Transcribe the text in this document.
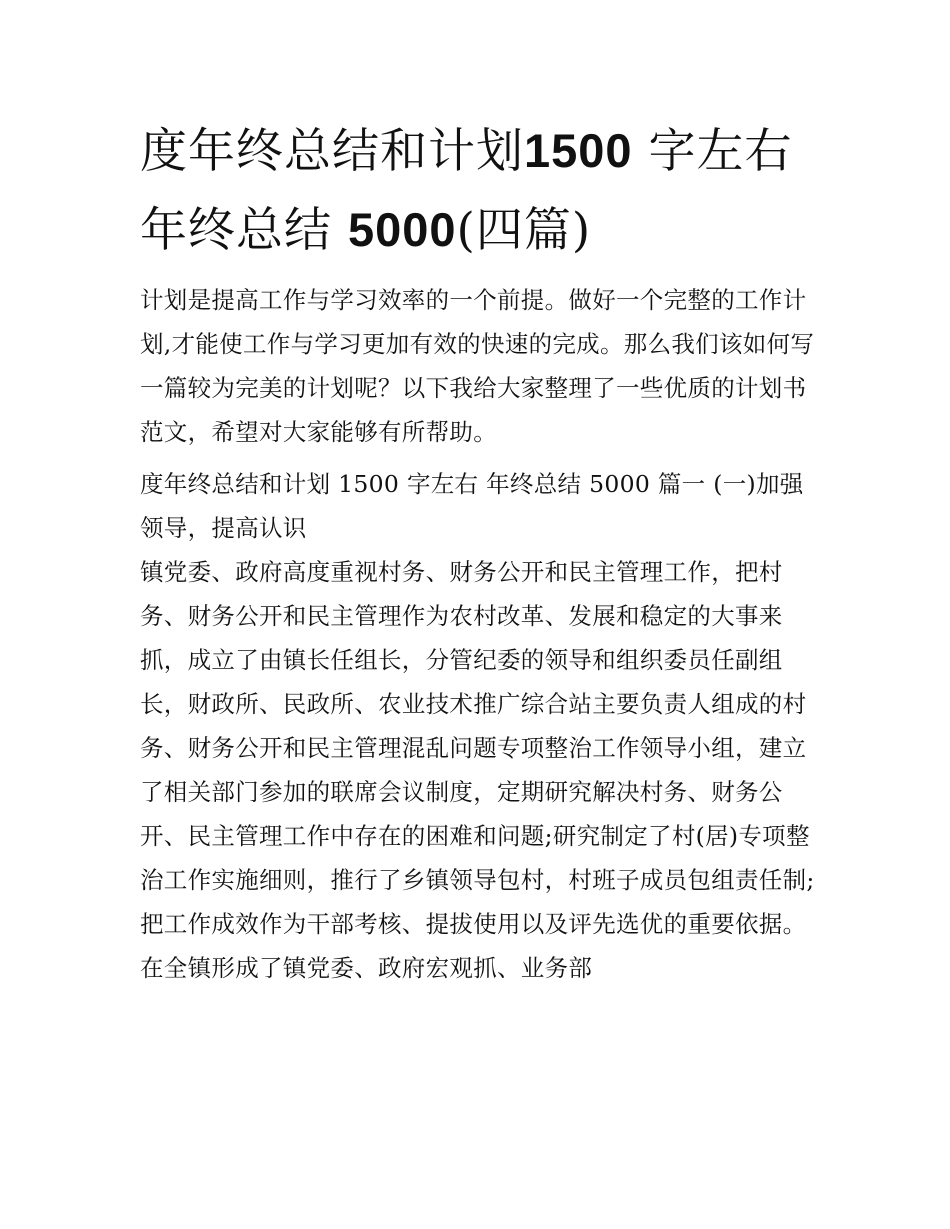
度年终总结和计划1500 字左右
年终总结 5000(四篇)

计划是提高工作与学习效率的一个前提。做好一个完整的工作计划,才能使工作与学习更加有效的快速的完成。那么我们该如何写一篇较为完美的计划呢？以下我给大家整理了一些优质的计划书范文，希望对大家能够有所帮助。

度年终总结和计划 1500 字左右 年终总结 5000 篇一 (一)加强领导，提高认识

镇党委、政府高度重视村务、财务公开和民主管理工作，把村务、财务公开和民主管理作为农村改革、发展和稳定的大事来抓，成立了由镇长任组长，分管纪委的领导和组织委员任副组长，财政所、民政所、农业技术推广综合站主要负责人组成的村务、财务公开和民主管理混乱问题专项整治工作领导小组，建立了相关部门参加的联席会议制度，定期研究解决村务、财务公开、民主管理工作中存在的困难和问题;研究制定了村(居)专项整治工作实施细则，推行了乡镇领导包村，村班子成员包组责任制;把工作成效作为干部考核、提拔使用以及评先选优的重要依据。在全镇形成了镇党委、政府宏观抓、业务部
